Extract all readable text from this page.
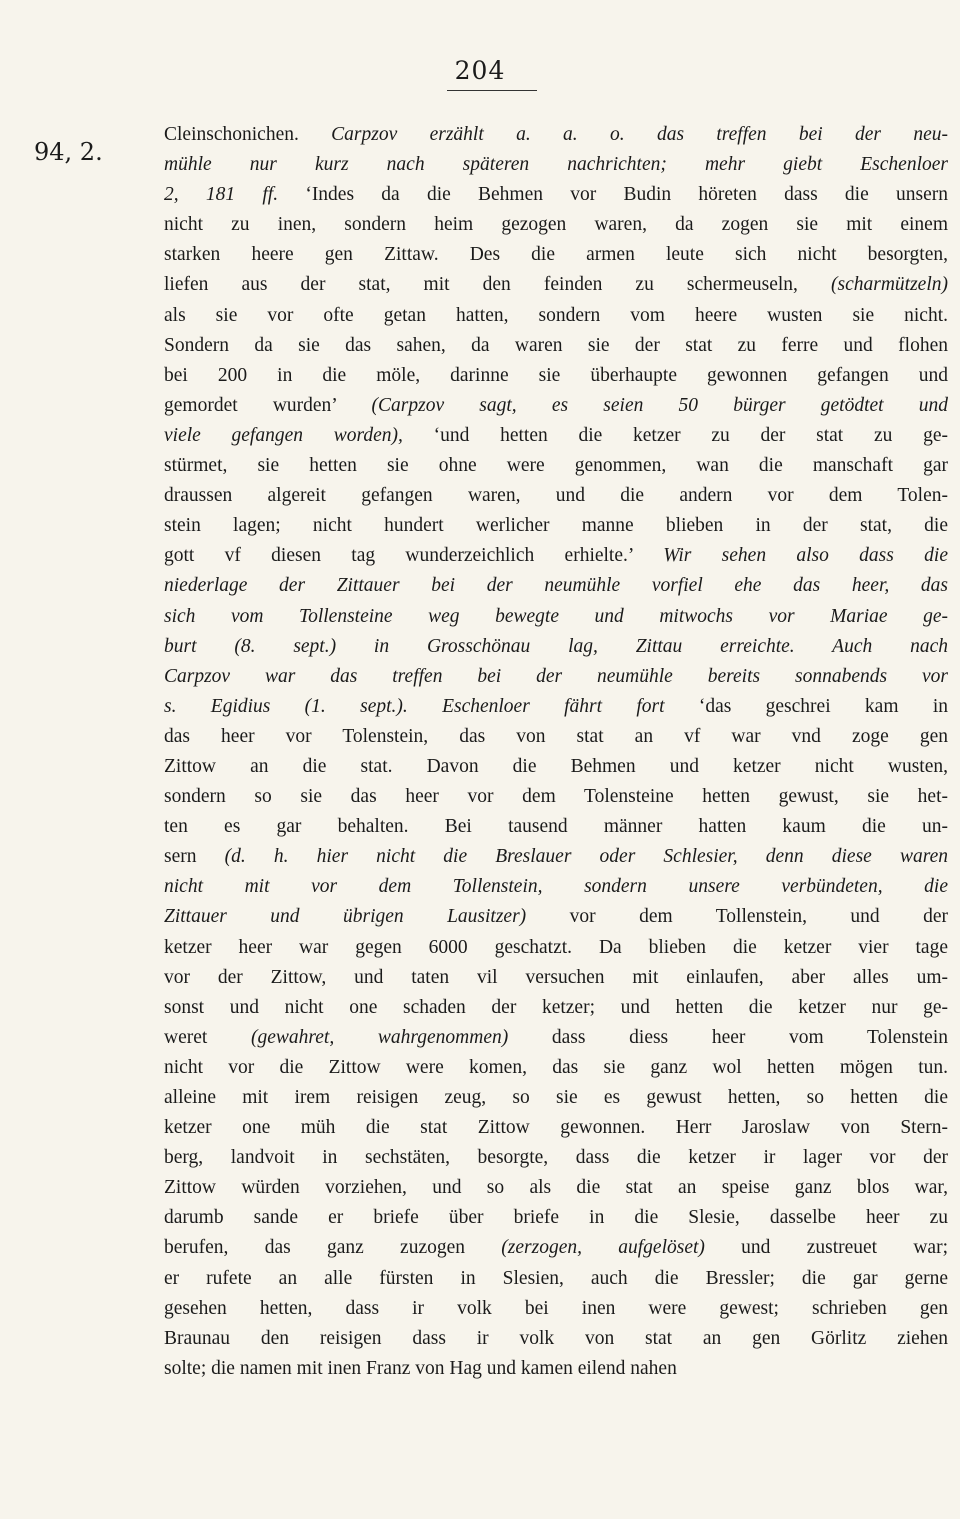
204
94, 2.
Cleinschonichen. Carpzov erzählt a. a. o. das treffen bei der neu-
mühle nur kurz nach späteren nachrichten; mehr giebt Eschenloer
2, 181 ff. ‘Indes da die Behmen vor Budin höreten dass die unsern
nicht zu inen, sondern heim gezogen waren, da zogen sie mit einem
starken heere gen Zittaw. Des die armen leute sich nicht besorgten,
liefen aus der stat, mit den feinden zu schermeuseln, (scharmützeln)
als sie vor ofte getan hatten, sondern vom heere wusten sie nicht.
Sondern da sie das sahen, da waren sie der stat zu ferre und flohen
bei 200 in die möle, darinne sie überhaupte gewonnen gefangen und
gemordet wurden’ (Carpzov sagt, es seien 50 bürger getödtet und
viele gefangen worden), ‘und hetten die ketzer zu der stat zu ge-
stürmet, sie hetten sie ohne were genommen, wan die manschaft gar
draussen algereit gefangen waren, und die andern vor dem Tolen-
stein lagen; nicht hundert werlicher manne blieben in der stat, die
gott vf diesen tag wunderzeichlich erhielte.’ Wir sehen also dass die
niederlage der Zittauer bei der neumühle vorfiel ehe das heer, das
sich vom Tollensteine weg bewegte und mitwochs vor Mariae ge-
burt (8. sept.) in Grosschönau lag, Zittau erreichte. Auch nach
Carpzov war das treffen bei der neumühle bereits sonnabends vor
s. Egidius (1. sept.). Eschenloer fährt fort ‘das geschrei kam in
das heer vor Tolenstein, das von stat an vf war vnd zoge gen
Zittow an die stat. Davon die Behmen und ketzer nicht wusten,
sondern so sie das heer vor dem Tolensteine hetten gewust, sie het-
ten es gar behalten. Bei tausend männer hatten kaum die un-
sern (d. h. hier nicht die Breslauer oder Schlesier, denn diese waren
nicht mit vor dem Tollenstein, sondern unsere verbündeten, die
Zittauer und übrigen Lausitzer) vor dem Tollenstein, und der
ketzer heer war gegen 6000 geschatzt. Da blieben die ketzer vier tage
vor der Zittow, und taten vil versuchen mit einlaufen, aber alles um-
sonst und nicht one schaden der ketzer; und hetten die ketzer nur ge-
weret (gewahret, wahrgenommen) dass diess heer vom Tolenstein
nicht vor die Zittow were komen, das sie ganz wol hetten mögen tun.
alleine mit irem reisigen zeug, so sie es gewust hetten, so hetten die
ketzer one müh die stat Zittow gewonnen. Herr Jaroslaw von Stern-
berg, landvoit in sechstäten, besorgte, dass die ketzer ir lager vor der
Zittow würden vorziehen, und so als die stat an speise ganz blos war,
darumb sande er briefe über briefe in die Slesie, dasselbe heer zu
berufen, das ganz zuzogen (zerzogen, aufgelöset) und zustreuet war;
er rufete an alle fürsten in Slesien, auch die Bressler; die gar gerne
gesehen hetten, dass ir volk bei inen were gewest; schrieben gen
Braunau den reisigen dass ir volk von stat an gen Görlitz ziehen
solte; die namen mit inen Franz von Hag und kamen eilend nahen
